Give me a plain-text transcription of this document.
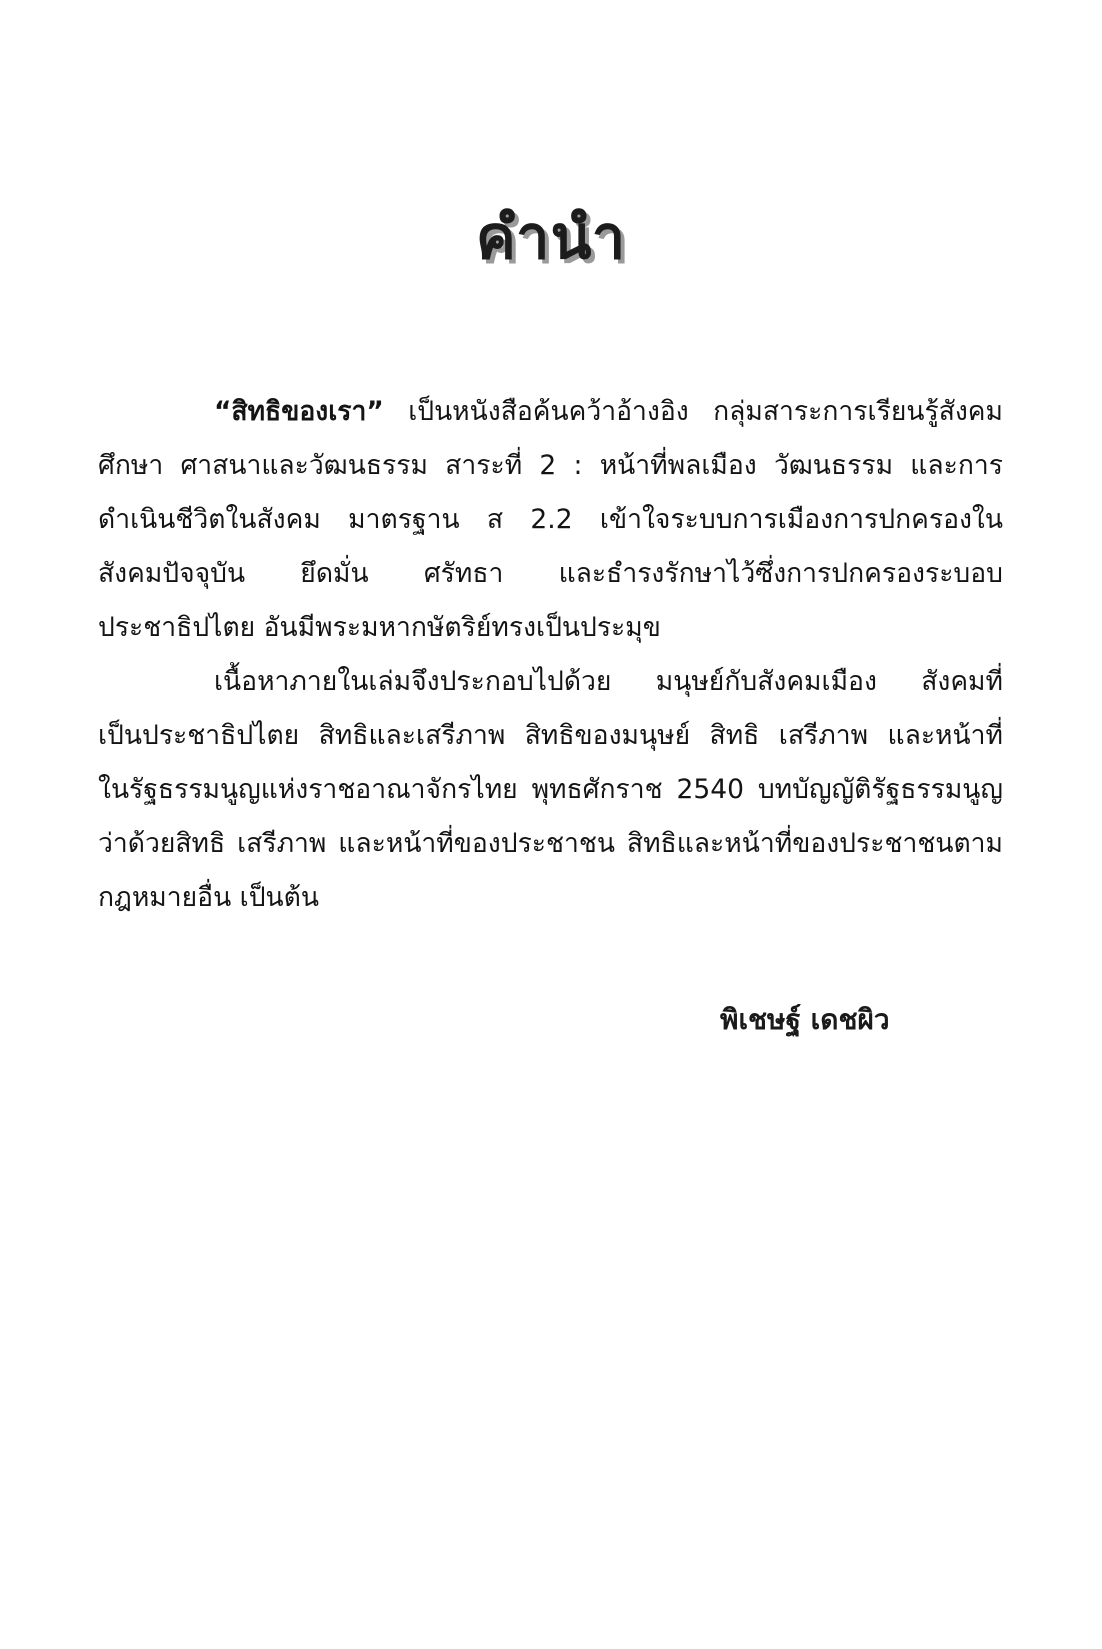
คำนำ
“สิทธิของเรา” เป็นหนังสือค้นคว้าอ้างอิง กลุ่มสาระการเรียนรู้สังคม
ศึกษา ศาสนาและวัฒนธรรม สาระที่ 2 : หน้าที่พลเมือง วัฒนธรรม และการ
ดำเนินชีวิตในสังคม มาตรฐาน ส 2.2 เข้าใจระบบการเมืองการปกครองใน
สังคมปัจจุบัน ยึดมั่น ศรัทธา และธำรงรักษาไว้ซึ่งการปกครองระบอบ
ประชาธิปไตย อันมีพระมหากษัตริย์ทรงเป็นประมุข
เนื้อหาภายในเล่มจึงประกอบไปด้วย มนุษย์กับสังคมเมือง สังคมที่
เป็นประชาธิปไตย สิทธิและเสรีภาพ สิทธิของมนุษย์ สิทธิ เสรีภาพ และหน้าที่
ในรัฐธรรมนูญแห่งราชอาณาจักรไทย พุทธศักราช 2540 บทบัญญัติรัฐธรรมนูญ
ว่าด้วยสิทธิ เสรีภาพ และหน้าที่ของประชาชน สิทธิและหน้าที่ของประชาชนตาม
กฎหมายอื่น เป็นต้น
พิเชษฐ์ เดชผิว
